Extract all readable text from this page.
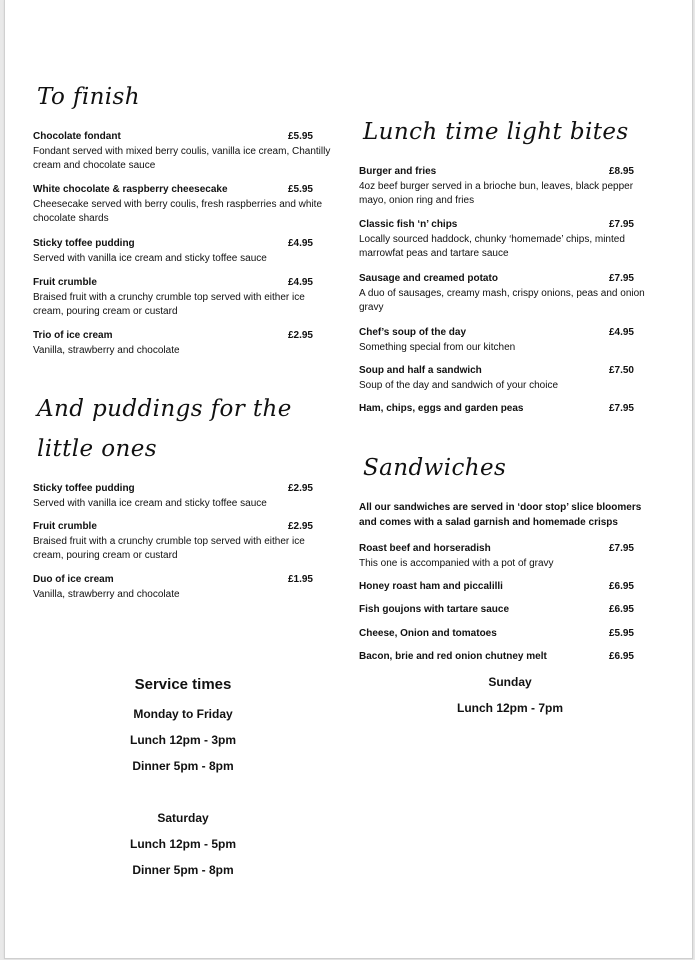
To finish
Chocolate fondant	£5.95
Fondant served with mixed berry coulis, vanilla ice cream, Chantilly cream and chocolate sauce
White chocolate & raspberry cheesecake	£5.95
Cheesecake served with berry coulis, fresh raspberries and white chocolate shards
Sticky toffee pudding	£4.95
Served with vanilla ice cream and sticky toffee sauce
Fruit crumble	£4.95
Braised fruit with a crunchy crumble top served with either ice cream, pouring cream or custard
Trio of ice cream	£2.95
Vanilla, strawberry and chocolate
And puddings for the
little ones
Sticky toffee pudding	£2.95
Served with vanilla ice cream and sticky toffee sauce
Fruit crumble	£2.95
Braised fruit with a crunchy crumble top served with either ice cream, pouring cream or custard
Duo of ice cream	£1.95
Vanilla, strawberry and chocolate
Lunch time light bites
Burger and fries	£8.95
4oz beef burger served in a brioche bun, leaves, black pepper mayo, onion ring and fries
Classic fish ‘n’ chips	£7.95
Locally sourced haddock, chunky ‘homemade’ chips, minted marrowfat peas and tartare sauce
Sausage and creamed potato	£7.95
A duo of sausages, creamy mash, crispy onions, peas and onion gravy
Chef’s soup of the day	£4.95
Something special from our kitchen
Soup and half a sandwich	£7.50
Soup of the day and sandwich of your choice
Ham, chips, eggs and garden peas	£7.95
Sandwiches
All our sandwiches are served in ‘door stop’ slice bloomers and comes with a salad garnish and homemade crisps
Roast beef and horseradish	£7.95
This one is accompanied with a pot of gravy
Honey roast ham and piccalilli	£6.95
Fish goujons with tartare sauce	£6.95
Cheese, Onion and tomatoes	£5.95
Bacon, brie and red onion chutney melt	£6.95
Service times
Monday to Friday
Lunch 12pm - 3pm
Dinner 5pm - 8pm
Saturday
Lunch 12pm - 5pm
Dinner 5pm - 8pm
Sunday
Lunch 12pm - 7pm
